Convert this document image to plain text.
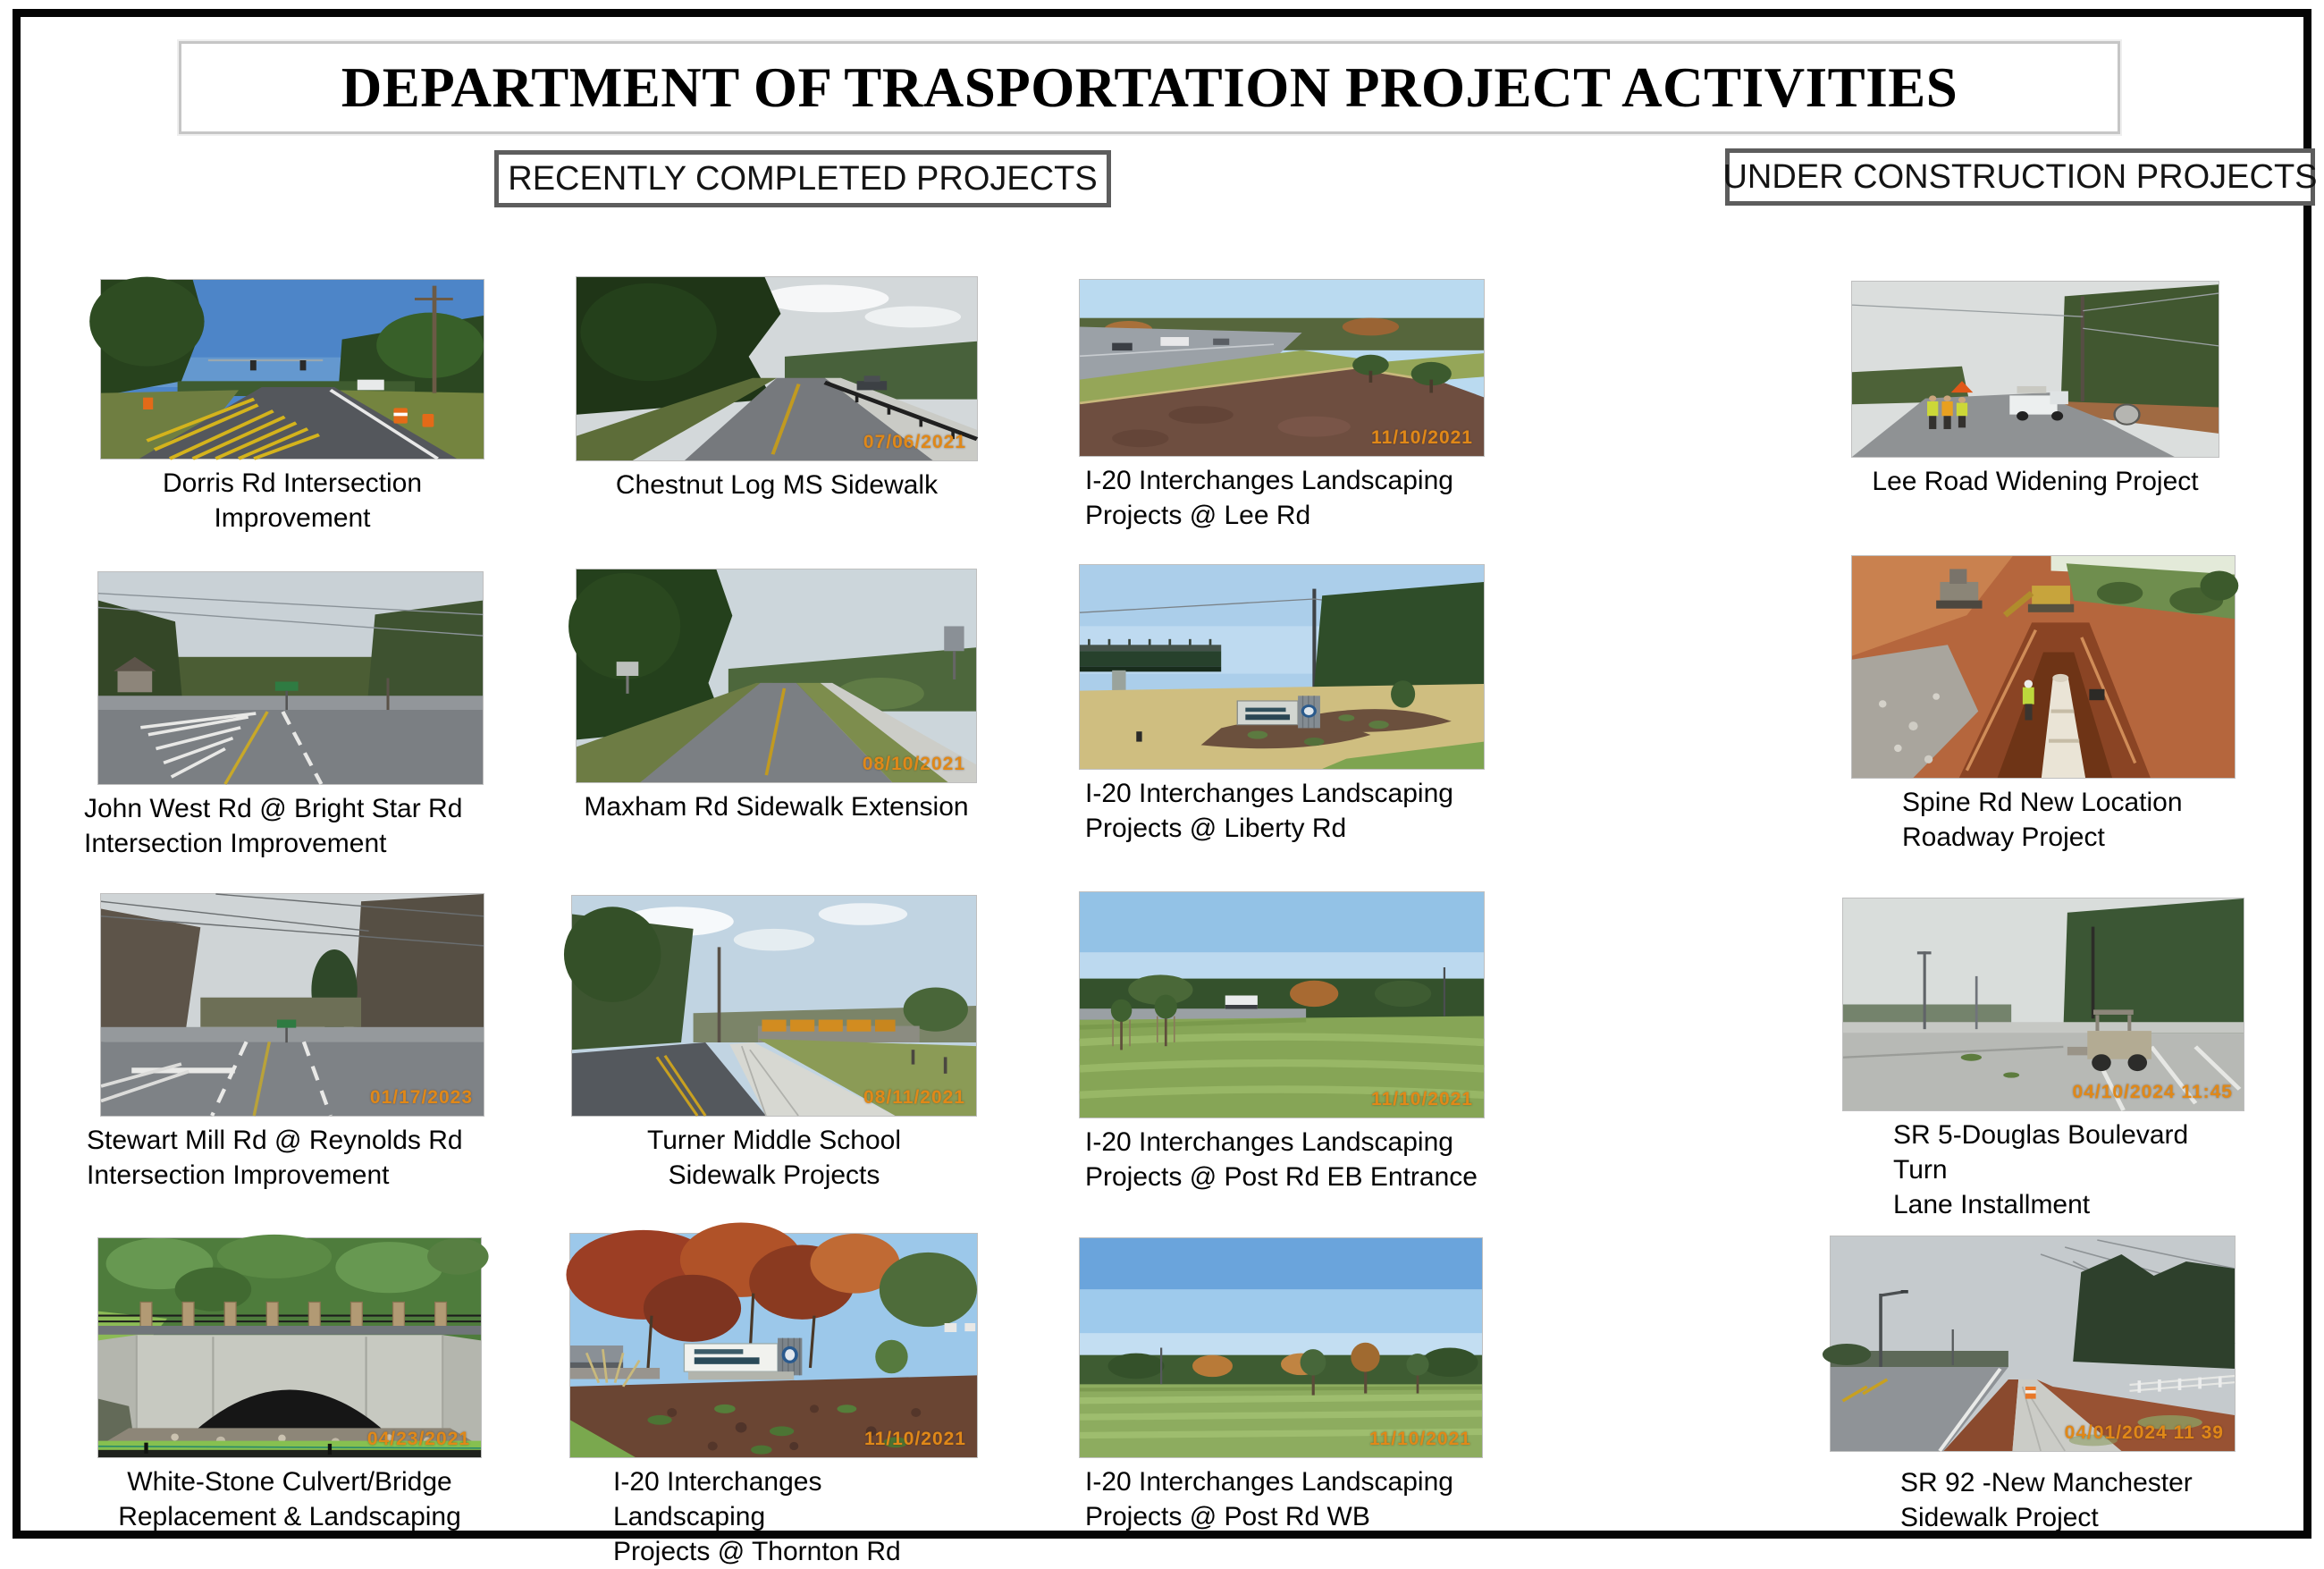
DEPARTMENT OF TRASPORTATION PROJECT ACTIVITIES
RECENTLY COMPLETED PROJECTS	UNDER CONSTRUCTION PROJECTS
Dorris Rd Intersection Improvement
07/06/2021
Chestnut Log MS Sidewalk
11/10/2021
I-20 Interchanges Landscaping
Projects @ Lee Rd
Lee Road Widening Project
John West Rd @ Bright Star Rd
Intersection Improvement
08/10/2021
Maxham Rd Sidewalk Extension	I-20 Interchanges Landscaping
Projects @ Liberty Rd
Spine Rd New Location
Roadway Project
01/17/2023
Stewart Mill Rd @ Reynolds Rd
Intersection Improvement
08/11/2021
Turner Middle School
Sidewalk Projects
11/10/2021
I-20 Interchanges Landscaping
Projects @ Post Rd EB Entrance
04/10/2024 11:45
SR 5-Douglas Boulevard Turn
Lane Installment
04/23/2021
White-Stone Culvert/Bridge
Replacement & Landscaping
11/10/2021
I-20 Interchanges Landscaping
Projects @ Thornton Rd
11/10/2021
I-20 Interchanges Landscaping
Projects @ Post Rd WB
04/01/2024 11 39
SR 92 -New Manchester
Sidewalk Project
